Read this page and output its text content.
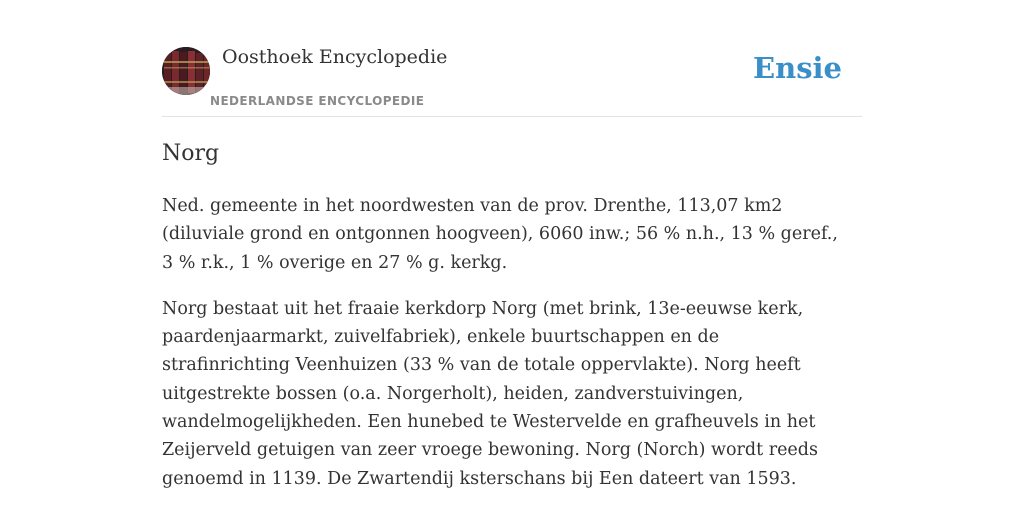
Oosthoek Encyclopedie
NEDERLANDSE ENCYCLOPEDIE
Ensie
Norg

Ned. gemeente in het noordwesten van de prov. Drenthe, 113,07 km2 (diluviale grond en ontgonnen hoogveen), 6060 inw.; 56 % n.h., 13 % geref., 3 % r.k., 1 % overige en 27 % g. kerkg.

Norg bestaat uit het fraaie kerkdorp Norg (met brink, 13e-eeuwse kerk, paardenjaarmarkt, zuivelfabriek), enkele buurtschappen en de strafinrichting Veenhuizen (33 % van de totale oppervlakte). Norg heeft uitgestrekte bossen (o.a. Norgerholt), heiden, zandverstuivingen, wandelmogelijkheden. Een hunebed te Westervelde en grafheuvels in het Zeijerveld getuigen van zeer vroege bewoning. Norg (Norch) wordt reeds genoemd in 1139. De Zwartendij ksterschans bij Een dateert van 1593.
